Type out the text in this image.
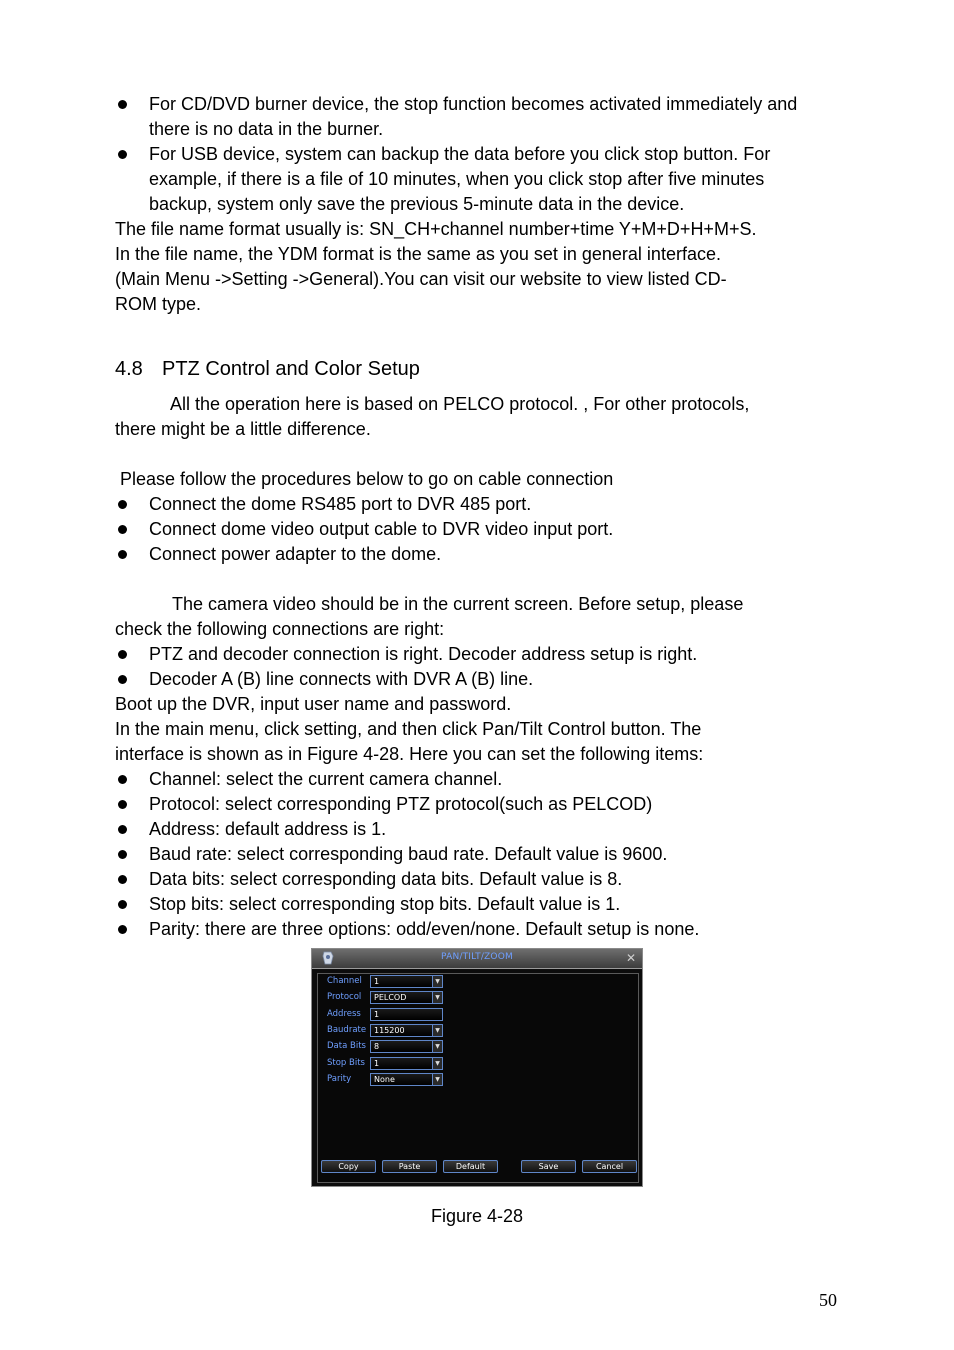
For CD/DVD burner device, the stop function becomes activated immediately and
there is no data in the burner.
For USB device, system can backup the data before you click stop button. For
example, if there is a file of 10 minutes, when you click stop after five minutes
backup, system only save the previous 5-minute data in the device.
The file name format usually is: SN_CH+channel number+time Y+M+D+H+M+S.
In the file name, the YDM format is the same as you set in general interface.
(Main Menu ->Setting ->General).You can visit our website to view listed CD-
ROM type.
4.8 PTZ Control and Color Setup
All the operation here is based on PELCO protocol. , For other protocols,
there might be a little difference.
Please follow the procedures below to go on cable connection
Connect the dome RS485 port to DVR 485 port.
Connect dome video output cable to DVR video input port.
Connect power adapter to the dome.
The camera video should be in the current screen. Before setup, please
check the following connections are right:
PTZ and decoder connection is right. Decoder address setup is right.
Decoder A (B) line connects with DVR A (B) line.
Boot up the DVR, input user name and password.
In the main menu, click setting, and then click Pan/Tilt Control button. The
interface is shown as in Figure 4-28. Here you can set the following items:
Channel: select the current camera channel.
Protocol: select corresponding PTZ protocol(such as PELCOD)
Address: default address is 1.
Baud rate: select corresponding baud rate. Default value is 9600.
Data bits: select corresponding data bits. Default value is 8.
Stop bits: select corresponding stop bits. Default value is 1.
Parity: there are three options: odd/even/none. Default setup is none.
PAN/TILT/ZOOM	✕
Channel 1	▼
Protocol PELCOD	▼
Address 1
Baudrate 115200	▼
Data Bits 8	▼
Stop Bits 1	▼
Parity	None	▼
Copy	Paste	Default	Save	Cancel
Figure 4-28
50
